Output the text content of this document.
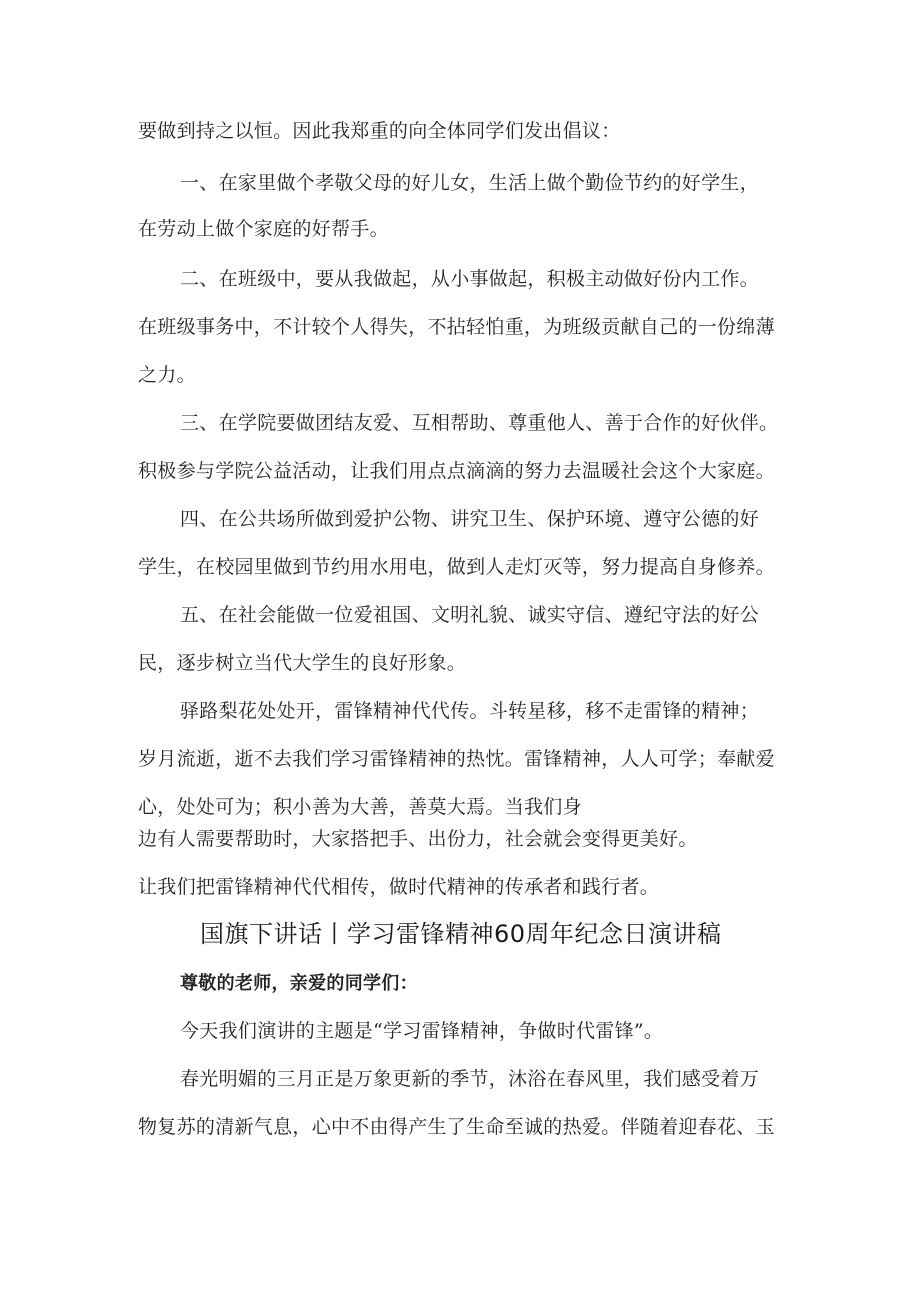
要做到持之以恒。因此我郑重的向全体同学们发出倡议：
一、在家里做个孝敬父母的好儿女，生活上做个勤俭节约的好学生，
在劳动上做个家庭的好帮手。
二、在班级中，要从我做起，从小事做起，积极主动做好份内工作。
在班级事务中，不计较个人得失，不拈轻怕重，为班级贡献自己的一份绵薄
之力。
三、在学院要做团结友爱、互相帮助、尊重他人、善于合作的好伙伴。
积极参与学院公益活动，让我们用点点滴滴的努力去温暖社会这个大家庭。
四、在公共场所做到爱护公物、讲究卫生、保护环境、遵守公德的好
学生，在校园里做到节约用水用电，做到人走灯灭等，努力提高自身修养。
五、在社会能做一位爱祖国、文明礼貌、诚实守信、遵纪守法的好公
民，逐步树立当代大学生的良好形象。
驿路梨花处处开，雷锋精神代代传。斗转星移，移不走雷锋的精神；
岁月流逝，逝不去我们学习雷锋精神的热忱。雷锋精神，人人可学；奉献爱
心，处处可为；积小善为大善，善莫大焉。当我们身
边有人需要帮助时，大家搭把手、出份力，社会就会变得更美好。
让我们把雷锋精神代代相传，做时代精神的传承者和践行者。
国旗下讲话丨学习雷锋精神60周年纪念日演讲稿
尊敬的老师，亲爱的同学们：
今天我们演讲的主题是“学习雷锋精神，争做时代雷锋”。
春光明媚的三月正是万象更新的季节，沐浴在春风里，我们感受着万
物复苏的清新气息，心中不由得产生了生命至诚的热爱。伴随着迎春花、玉
